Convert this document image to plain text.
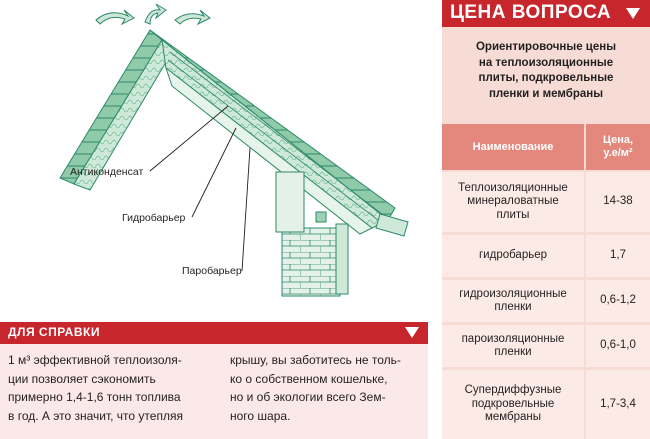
Антиконденсат
Гидробарьер
Паробарьер
ДЛЯ СПРАВКИ
1 м³ эффективной теплоизоля-
ции позволяет сэкономить
примерно 1,4-1,6 тонн топлива
в год. А это значит, что утепляя
крышу, вы заботитесь не толь-
ко о собственном кошельке,
но и об экологии всего Зем-
ного шара.
ЦЕНА ВОПРОСА
Ориентировочные цены
на теплоизоляционные
плиты, подкровельные
пленки и мембраны
Наименование
Цена,
у.е/м²
Теплоизоляционные
минераловатные
плиты
14-38
гидробарьер	1,7
гидроизоляционные
пленки
0,6-1,2
пароизоляционные
пленки
0,6-1,0
Супердиффузные
подкровельные
мембраны
1,7-3,4
